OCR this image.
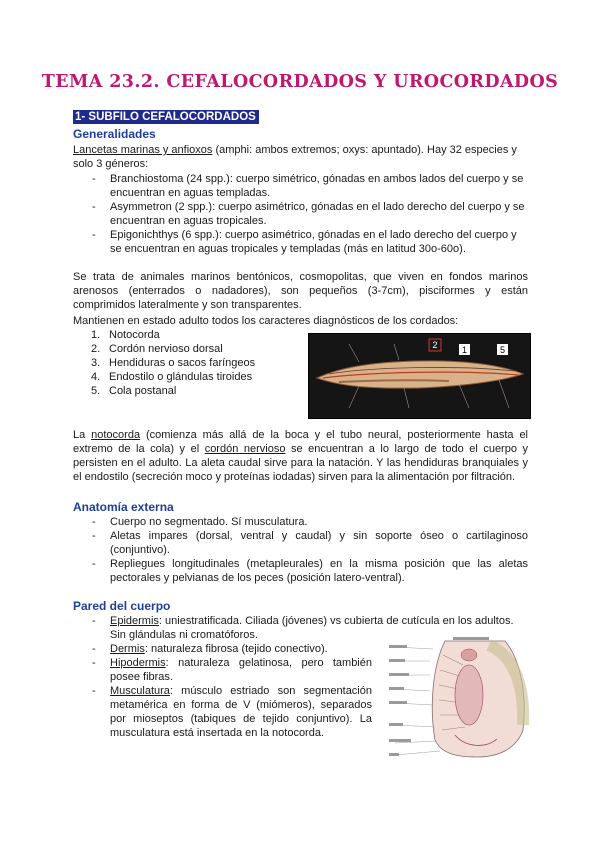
TEMA 23.2. CEFALOCORDADOS Y UROCORDADOS
1- SUBFILO CEFALOCORDADOS
Generalidades
Lancetas marinas y anfioxos (amphi: ambos extremos; oxys: apuntado). Hay 32 especies y
solo 3 géneros:
- Branchiostoma (24 spp.): cuerpo simétrico, gónadas en ambos lados del cuerpo y se
encuentran en aguas templadas.
- Asymmetron (2 spp.): cuerpo asimétrico, gónadas en el lado derecho del cuerpo y se
encuentran en aguas tropicales.
- Epigonichthys (6 spp.): cuerpo asimétrico, gónadas en el lado derecho del cuerpo y
se encuentran en aguas tropicales y templadas (más en latitud 30o-60o).
Se trata de animales marinos bentónicos, cosmopolitas, que viven en fondos marinos
arenosos (enterrados o nadadores), son pequeños (3-7cm), pisciformes y están
comprimidos lateralmente y son transparentes.
Mantienen en estado adulto todos los caracteres diagnósticos de los cordados:
1. Notocorda
2. Cordón nervioso dorsal
3. Hendiduras o sacos faríngeos
4. Endostilo o glándulas tiroides
5. Cola postanal
2	1	5
La notocorda (comienza más allá de la boca y el tubo neural, posteriormente hasta el
extremo de la cola) y el cordón nervioso se encuentran a lo largo de todo el cuerpo y
persisten en el adulto. La aleta caudal sirve para la natación. Y las hendiduras branquiales y
el endostilo (secreción moco y proteínas iodadas) sirven para la alimentación por filtración.
Anatomía externa
- Cuerpo no segmentado. Sí musculatura.
- Aletas impares (dorsal, ventral y caudal) y sin soporte óseo o cartilaginoso
(conjuntivo).
- Repliegues longitudinales (metapleurales) en la misma posición que las aletas
pectorales y pelvianas de los peces (posición latero-ventral).
Pared del cuerpo
- Epidermis: uniestratificada. Ciliada (jóvenes) vs cubierta de cutícula en los adultos.
Sin glándulas ni cromatóforos.
- Dermis: naturaleza fibrosa (tejido conectivo).
- Hipodermis: naturaleza gelatinosa, pero también
posee fibras.
- Musculatura: músculo estriado son segmentación
metamérica en forma de V (miómeros), separados
por mioseptos (tabiques de tejido conjuntivo). La
musculatura está insertada en la notocorda.
